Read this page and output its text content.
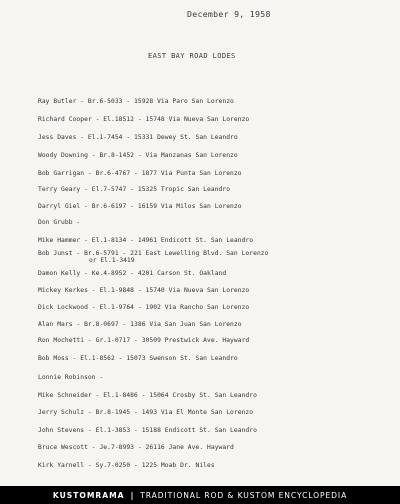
December 9, 1958
EAST BAY ROAD LODES
Ray Butler - Br.6-5033 - 15928 Via Paro San Lorenzo
Richard Cooper - El.18512 - 15748 Via Nueva San Lorenzo
Jess Daves - El.1-7454 - 15331 Dewey St. San Leandro
Woody Downing - Br.8-1452 - Via Manzanas San Lorenzo
Bob Garrigan - Br.6-4767 - 1877 Via Punta San Lorenzo
Terry Geary - El.7-5747 - 15325 Tropic San Leandro
Darryl Giel - Br.6-6197 - 16159 Via Milos San Lorenzo
Don Grubb -
Mike Hammer - El.1-8134 - 14961 Endicott St. San Leandro
Bob Junst - Br.6-5791 - 221 East Lewelling Blvd. San Lorenzo
Damon Kelly - Ke.4-8952 - 4201 Carson St. Oakland
Mickey Kerkes - El.1-9848 - 15740 Via Nueva San Lorenzo
Dick Lockwood - El.1-9764 - 1902 Via Rancho San Lorenzo
Alan Mars - Br.8-0697 - 1386 Via San Juan San Lorenzo
Ron Mochetti - Gr.1-0717 - 30509 Prestwick Ave. Hayward
Bob Moss - El.1-8562 - 15073 Swenson St. San Leandro
Lonnie Robinson -
Mike Schneider - El.1-8486 - 15064 Crosby St. San Leandro
Jerry Schulz - Br.8-1945 - 1493 Via El Monte San Lorenzo
John Stevens - El.1-3853 - 15188 Endicott St. San Leandro
Bruce Wescott - Je.7-8993 - 26116 Jane Ave. Hayward
Kirk Yarnell - Sy.7-0250 - 1225 Moab Dr. Niles
or El.1-3419
KUSTOMRAMA | TRADITIONAL ROD & KUSTOM ENCYCLOPEDIA
